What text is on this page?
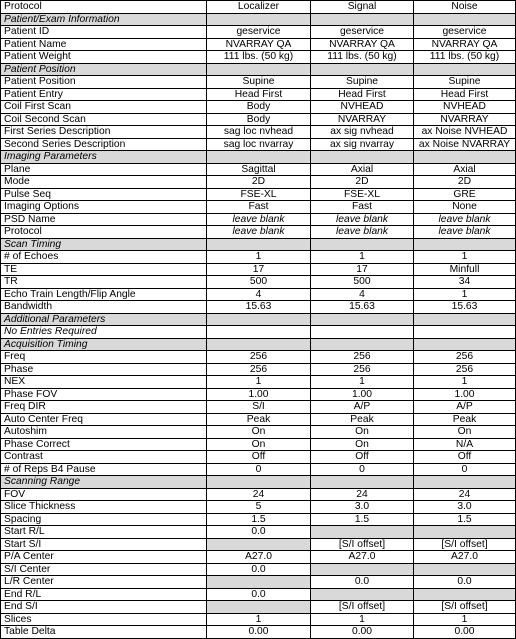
Protocol	Localizer	Signal	Noise
Patient/Exam Information			
Patient ID	geservice	geservice	geservice
Patient Name	NVARRAY QA	NVARRAY QA	NVARRAY QA
Patient Weight	111 lbs. (50 kg)	111 lbs. (50 kg)	111 lbs. (50 kg)
Patient Position			
Patient Position	Supine	Supine	Supine
Patient Entry	Head First	Head First	Head First
Coil First Scan	Body	NVHEAD	NVHEAD
Coil Second Scan	Body	NVARRAY	NVARRAY
First Series Description	sag loc nvhead	ax sig nvhead	ax Noise NVHEAD
Second Series Description	sag loc nvarray	ax sig nvarray	ax Noise NVARRAY
Imaging Parameters			
Plane	Sagittal	Axial	Axial
Mode	2D	2D	2D
Pulse Seq	FSE-XL	FSE-XL	GRE
Imaging Options	Fast	Fast	None
PSD Name	leave blank	leave blank	leave blank
Protocol	leave blank	leave blank	leave blank
Scan Timing			
# of Echoes	1	1	1
TE	17	17	Minfull
TR	500	500	34
Echo Train Length/Flip Angle	4	4	1
Bandwidth	15.63	15.63	15.63
Additional Parameters			
No Entries Required			
Acquisition Timing			
Freq	256	256	256
Phase	256	256	256
NEX	1	1	1
Phase FOV	1.00	1.00	1.00
Freq DIR	S/I	A/P	A/P
Auto Center Freq	Peak	Peak	Peak
Autoshim	On	On	On
Phase Correct	On	On	N/A
Contrast	Off	Off	Off
# of Reps B4 Pause	0	0	0
Scanning Range			
FOV	24	24	24
Slice Thickness	5	3.0	3.0
Spacing	1.5	1.5	1.5
Start R/L	0.0		
Start S/I		[S/I offset]	[S/I offset]
P/A Center	A27.0	A27.0	A27.0
S/I Center	0.0		
L/R Center		0.0	0.0
End R/L	0.0		
End S/I		[S/I offset]	[S/I offset]
Slices	1	1	1
Table Delta	0.00	0.00	0.00
